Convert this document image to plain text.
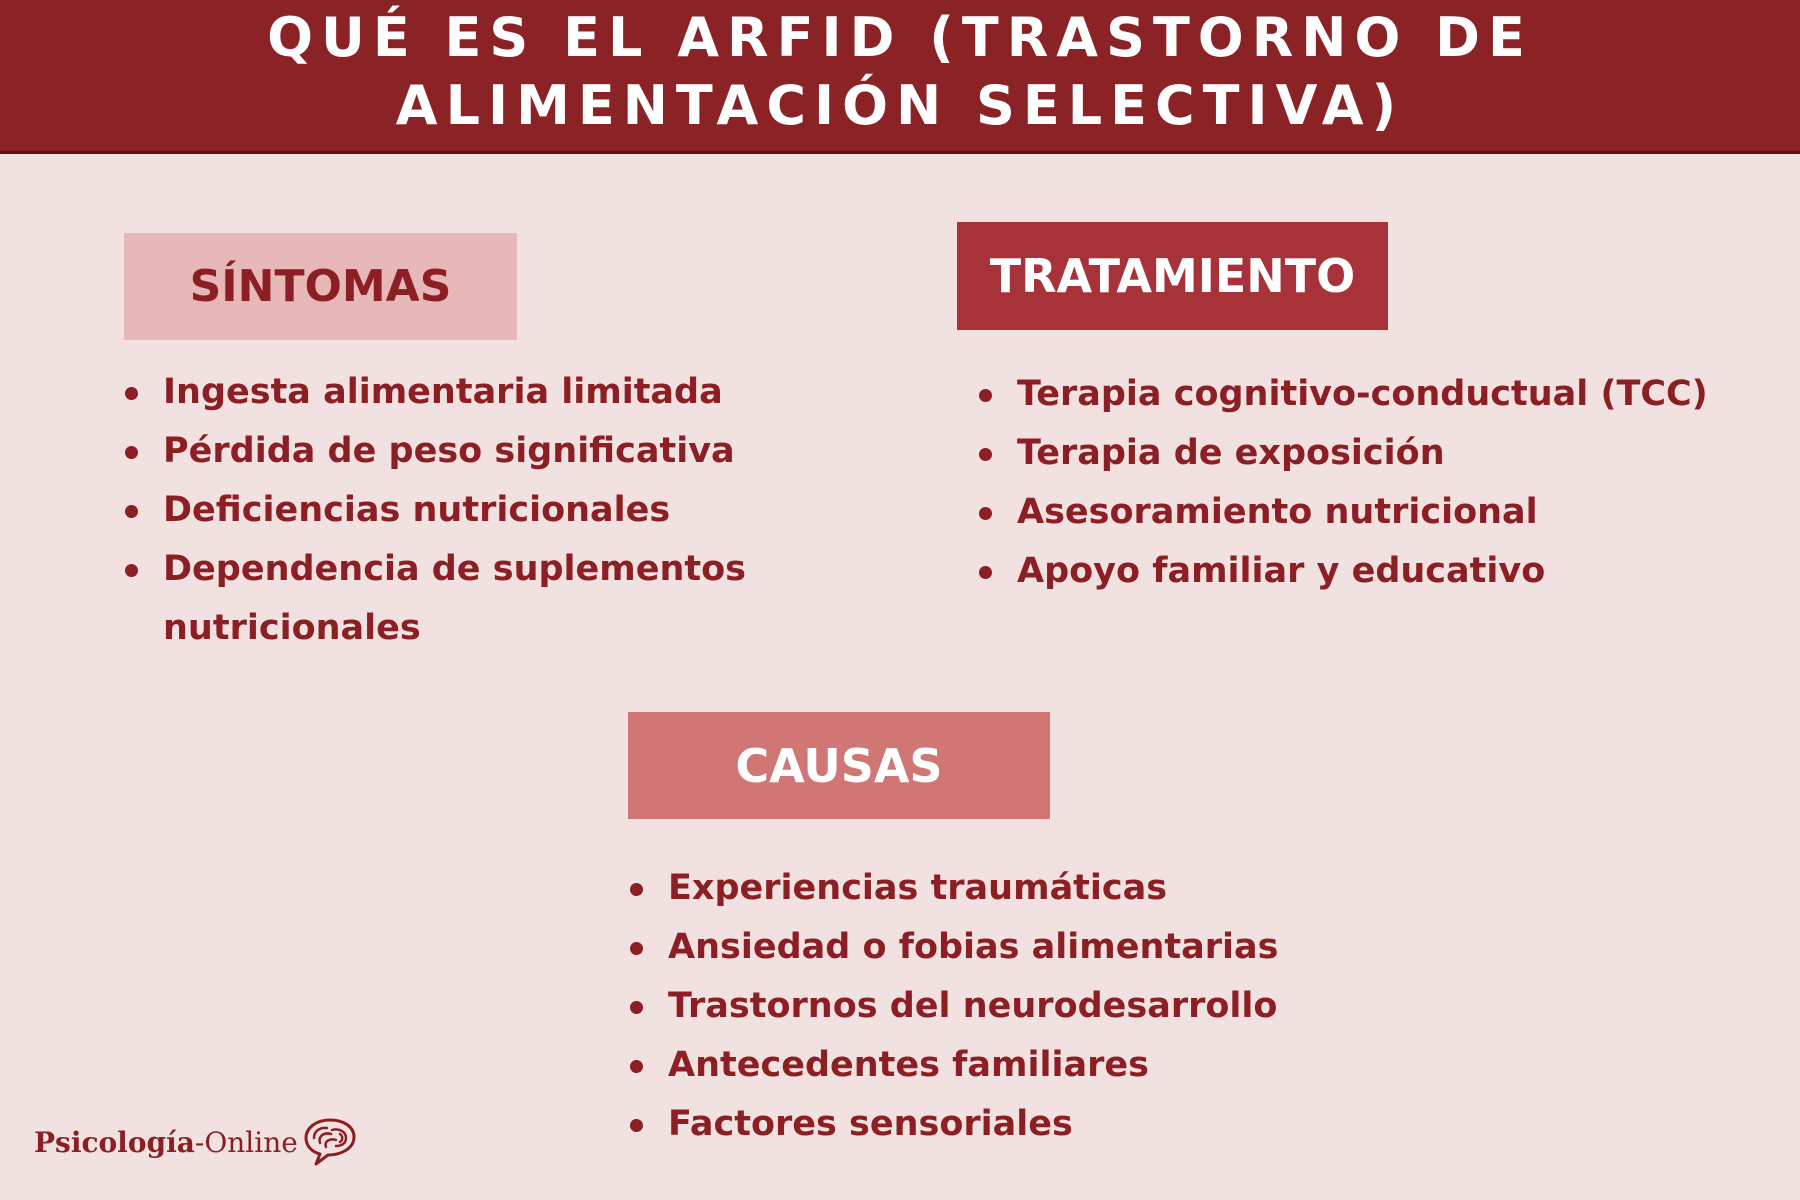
QUÉ ES EL ARFID (TRASTORNO DE
ALIMENTACIÓN SELECTIVA)
SÍNTOMAS
Ingesta alimentaria limitada
Pérdida de peso significativa
Deficiencias nutricionales
Dependencia de suplementos nutricionales
TRATAMIENTO
Terapia cognitivo-conductual (TCC)
Terapia de exposición
Asesoramiento nutricional
Apoyo familiar y educativo
CAUSAS
Experiencias traumáticas
Ansiedad o fobias alimentarias
Trastornos del neurodesarrollo
Antecedentes familiares
Factores sensoriales
Psicología-Online
